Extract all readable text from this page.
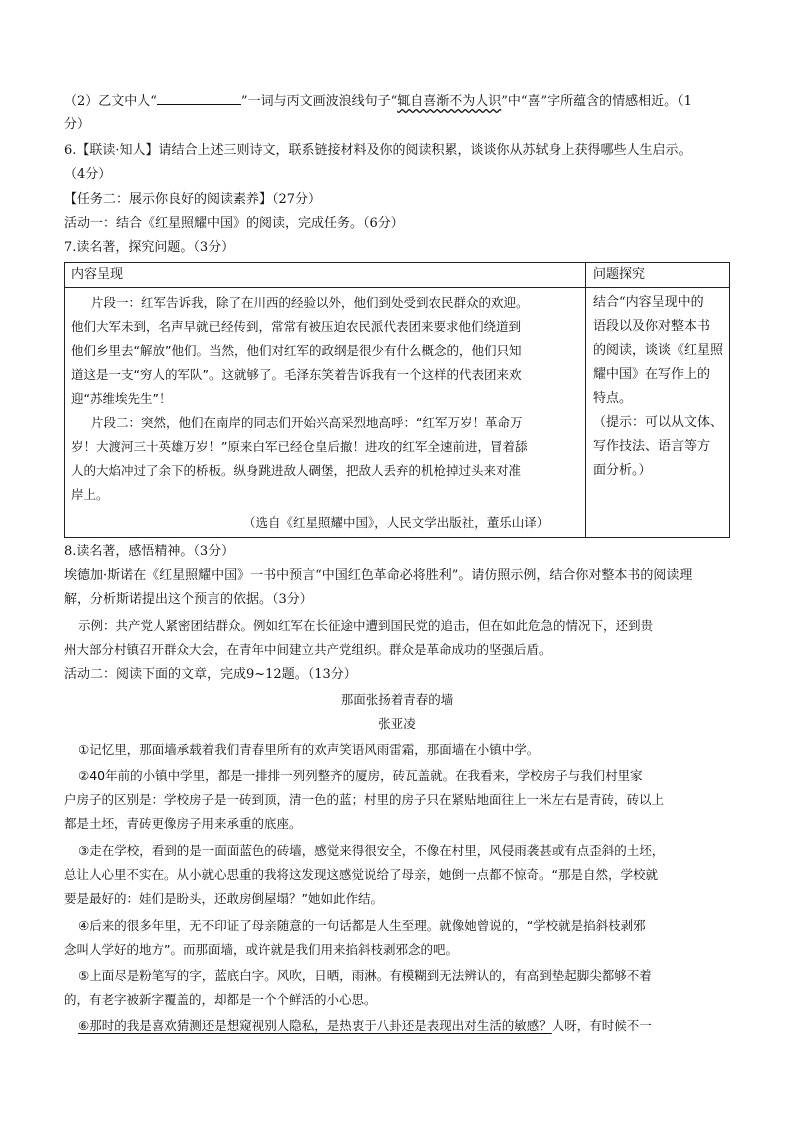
（2）乙文中人“	”一词与丙文画波浪线句子“辄自喜渐不为人识”中“喜”字所蕴含的情感相近。（1
分）
6.【联读·知人】请结合上述三则诗文，联系链接材料及你的阅读积累，谈谈你从苏轼身上获得哪些人生启示。
（4分）
【任务二：展示你良好的阅读素养】（27分）
活动一：结合《红星照耀中国》的阅读，完成任务。（6分）
7.读名著，探究问题。（3分）
内容呈现	问题探究
片段一：红军告诉我，除了在川西的经验以外，他们到处受到农民群众的欢迎。
他们大军未到，名声早就已经传到，常常有被压迫农民派代表团来要求他们绕道到
他们乡里去“解放”他们。当然，他们对红军的政纲是很少有什么概念的，他们只知
道这是一支“穷人的军队”。这就够了。毛泽东笑着告诉我有一个这样的代表团来欢
迎“苏维埃先生”！
片段二：突然，他们在南岸的同志们开始兴高采烈地高呼：“红军万岁！革命万
岁！大渡河三十英雄万岁！”原来白军已经仓皇后撤！进攻的红军全速前进，冒着舔
人的大焰冲过了余下的桥板。纵身跳进敌人碉堡，把敌人丢弃的机枪掉过头来对准
岸上。
（选自《红星照耀中国》，人民文学出版社，董乐山译）
结合“内容呈现中的
语段以及你对整本书
的阅读，谈谈《红星照
耀中国》在写作上的
特点。
（提示：可以从文体、
写作技法、语言等方
面分析。）
8.读名著，感悟精神。（3分）
埃德加·斯诺在《红星照耀中国》一书中预言“中国红色革命必将胜利”。请仿照示例，结合你对整本书的阅读理
解，分析斯诺提出这个预言的依据。（3分）
示例：共产党人紧密团结群众。例如红军在长征途中遭到国民党的追击，但在如此危急的情况下，还到贵
州大部分村镇召开群众大会，在青年中间建立共产党组织。群众是革命成功的坚强后盾。
活动二：阅读下面的文章，完成9~12题。（13分）
那面张扬着青春的墙
张亚凌
①记忆里，那面墙承载着我们青春里所有的欢声笑语风雨雷霜，那面墙在小镇中学。
②40年前的小镇中学里，都是一排排一列列整齐的厦房，砖瓦盖就。在我看来，学校房子与我们村里家
户房子的区别是：学校房子是一砖到顶，清一色的蓝；村里的房子只在紧贴地面往上一米左右是青砖，砖以上
都是土坯，青砖更像房子用来承重的底座。
③走在学校，看到的是一面面蓝色的砖墙，感觉来得很安全，不像在村里，风侵雨袭甚或有点歪斜的土坯，
总让人心里不实在。从小就心思重的我将这发现这感觉说给了母亲，她倒一点都不惊奇。“那是自然，学校就
要是最好的：娃们是盼头，还敢房倒屋塌？”她如此作结。
④后来的很多年里，无不印证了母亲随意的一句话都是人生至理。就像她曾说的，“学校就是掐斜枝剥邪
念叫人学好的地方”。而那面墙，或许就是我们用来掐斜枝剥邪念的吧。
⑤上面尽是粉笔写的字，蓝底白字。风吹，日晒，雨淋。有模糊到无法辨认的，有高到垫起脚尖都够不着
的，有老字被新字覆盖的，却都是一个个鲜活的小心思。
⑥那时的我是喜欢猜测还是想窥视别人隐私，是热衷于八卦还是表现出对生活的敏感？人呀，有时候不一
